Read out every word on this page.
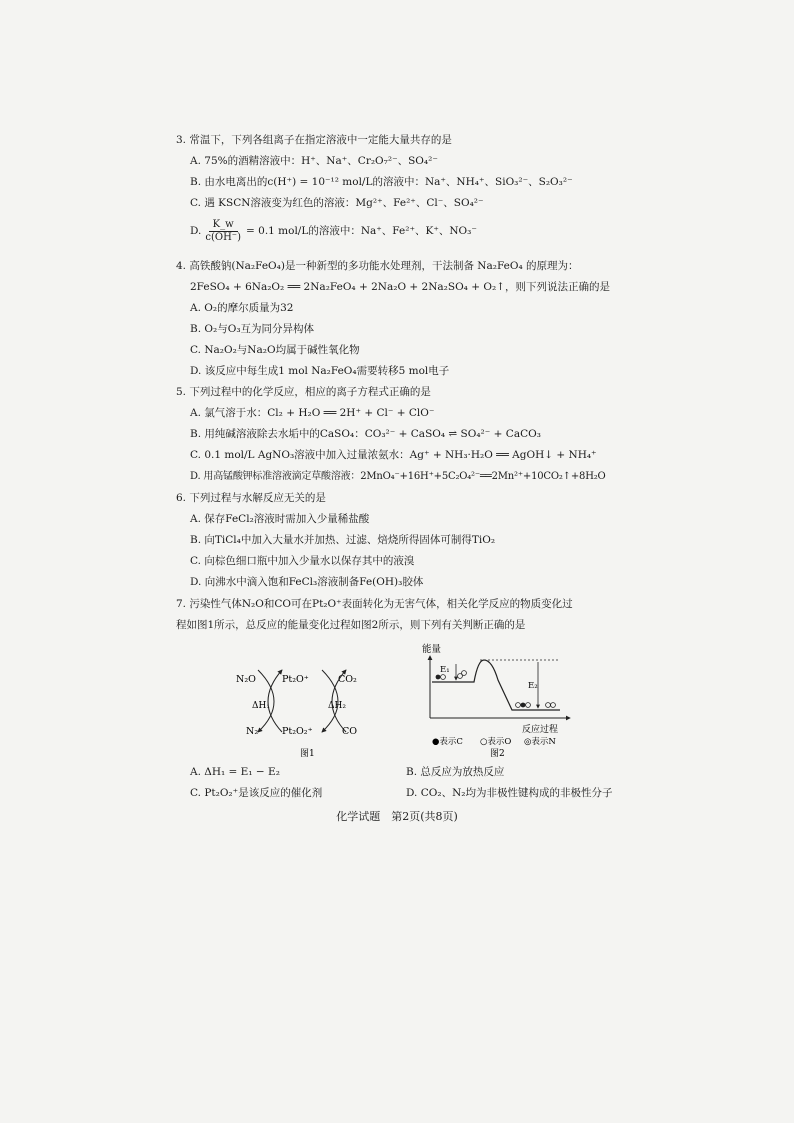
3. 常温下，下列各组离子在指定溶液中一定能大量共存的是
A. 75%的酒精溶液中：H⁺、Na⁺、Cr₂O₇²⁻、SO₄²⁻
B. 由水电离出的c(H⁺) = 10⁻¹² mol/L的溶液中：Na⁺、NH₄⁺、SiO₃²⁻、S₂O₃²⁻
C. 遇 KSCN溶液变为红色的溶液：Mg²⁺、Fe²⁺、Cl⁻、SO₄²⁻
D. $\frac{K\_w}{c(OH^-)} = 0.1$ mol/L的溶液中：Na⁺、Fe²⁺、K⁺、NO₃⁻
4. 高铁酸钠(Na₂FeO₄)是一种新型的多功能水处理剂，干法制备 Na₂FeO₄ 的原理为：
2FeSO₄ + 6Na₂O₂ ══ 2Na₂FeO₄ + 2Na₂O + 2Na₂SO₄ + O₂↑，则下列说法正确的是
A. O₂的摩尔质量为32
B. O₂与O₃互为同分异构体
C. Na₂O₂与Na₂O均属于碱性氧化物
D. 该反应中每生成1 mol Na₂FeO₄需要转移5 mol电子
5. 下列过程中的化学反应，相应的离子方程式正确的是
A. 氯气溶于水：Cl₂ + H₂O ══ 2H⁺ + Cl⁻ + ClO⁻
B. 用纯碱溶液除去水垢中的CaSO₄：CO₃²⁻ + CaSO₄ ⇌ SO₄²⁻ + CaCO₃
C. 0.1 mol/L AgNO₃溶液中加入过量浓氨水：Ag⁺ + NH₃·H₂O ══ AgOH↓ + NH₄⁺
D. 用高锰酸钾标准溶液滴定草酸溶液：2MnO₄⁻+16H⁺+5C₂O₄²⁻══2Mn²⁺+10CO₂↑+8H₂O
6. 下列过程与水解反应无关的是
A. 保存FeCl₂溶液时需加入少量稀盐酸
B. 向TiCl₄中加入大量水并加热、过滤、焙烧所得固体可制得TiO₂
C. 向棕色细口瓶中加入少量水以保存其中的液溴
D. 向沸水中滴入饱和FeCl₃溶液制备Fe(OH)₃胶体
7. 污染性气体N₂O和CO可在Pt₂O⁺表面转化为无害气体，相关化学反应的物质变化过
程如图1所示，总反应的能量变化过程如图2所示，则下列有关判断正确的是
N₂O
N₂
Pt₂O⁺
Pt₂O₂⁺
CO₂
CO
ΔH₁	ΔH₂
图1
能量
E₁
E₂
反应过程
●表示C ○表示O ◎表示N
图2
A. ΔH₁ = E₁ − E₂	B. 总反应为放热反应
C. Pt₂O₂⁺是该反应的催化剂	D. CO₂、N₂均为非极性键构成的非极性分子
化学试题　第2页(共8页)
